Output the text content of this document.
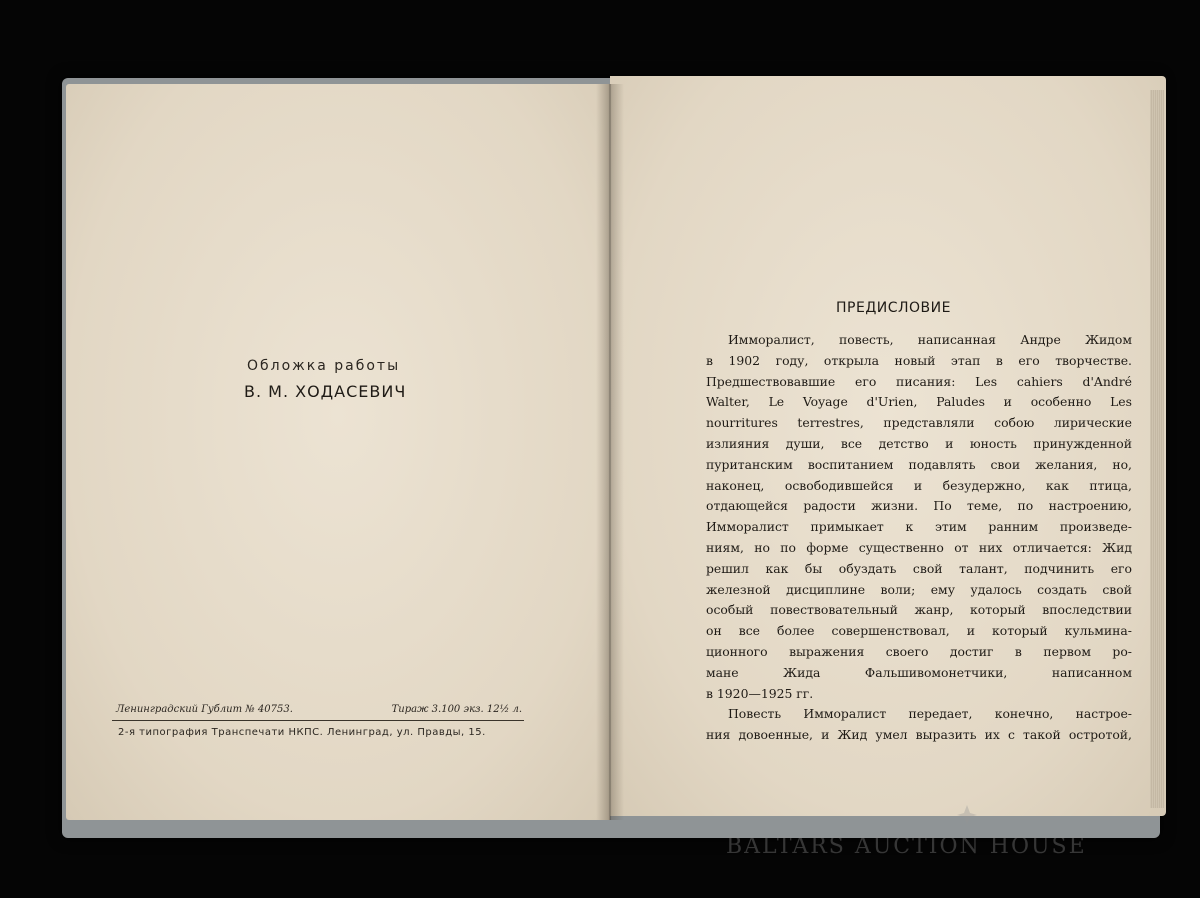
Обложка работы
В. М. ХОДАСЕВИЧ
Ленинградский Гублит № 40753.	Тираж 3.100 экз. 12½ л.
2-я типография Транспечати НКПС. Ленинград, ул. Правды, 15.
ПРЕДИСЛОВИЕ
Имморалист, повесть, написанная Андре Жидом
в 1902 году, открыла новый этап в его творчестве.
Предшествовавшие его писания: Les cahiers d'André
Walter, Le Voyage d'Urien, Paludes и особенно Les
nourritures terrestres, представляли собою лирические
излияния души, все детство и юность принужденной
пуританским воспитанием подавлять свои желания, но,
наконец, освободившейся и безудержно, как птица,
отдающейся радости жизни. По теме, по настроению,
Имморалист примыкает к этим ранним произведе-
ниям, но по форме существенно от них отличается: Жид
решил как бы обуздать свой талант, подчинить его
железной дисциплине воли; ему удалось создать свой
особый повествовательный жанр, который впоследствии
он все более совершенствовал, и который кульмина-
ционного выражения своего достиг в первом ро-
мане Жида Фальшивомонетчики, написанном
в 1920—1925 гг.
Повесть Имморалист передает, конечно, настрое-
ния довоенные, и Жид умел выразить их с такой остротой,
BALTARS AUCTION HOUSE
